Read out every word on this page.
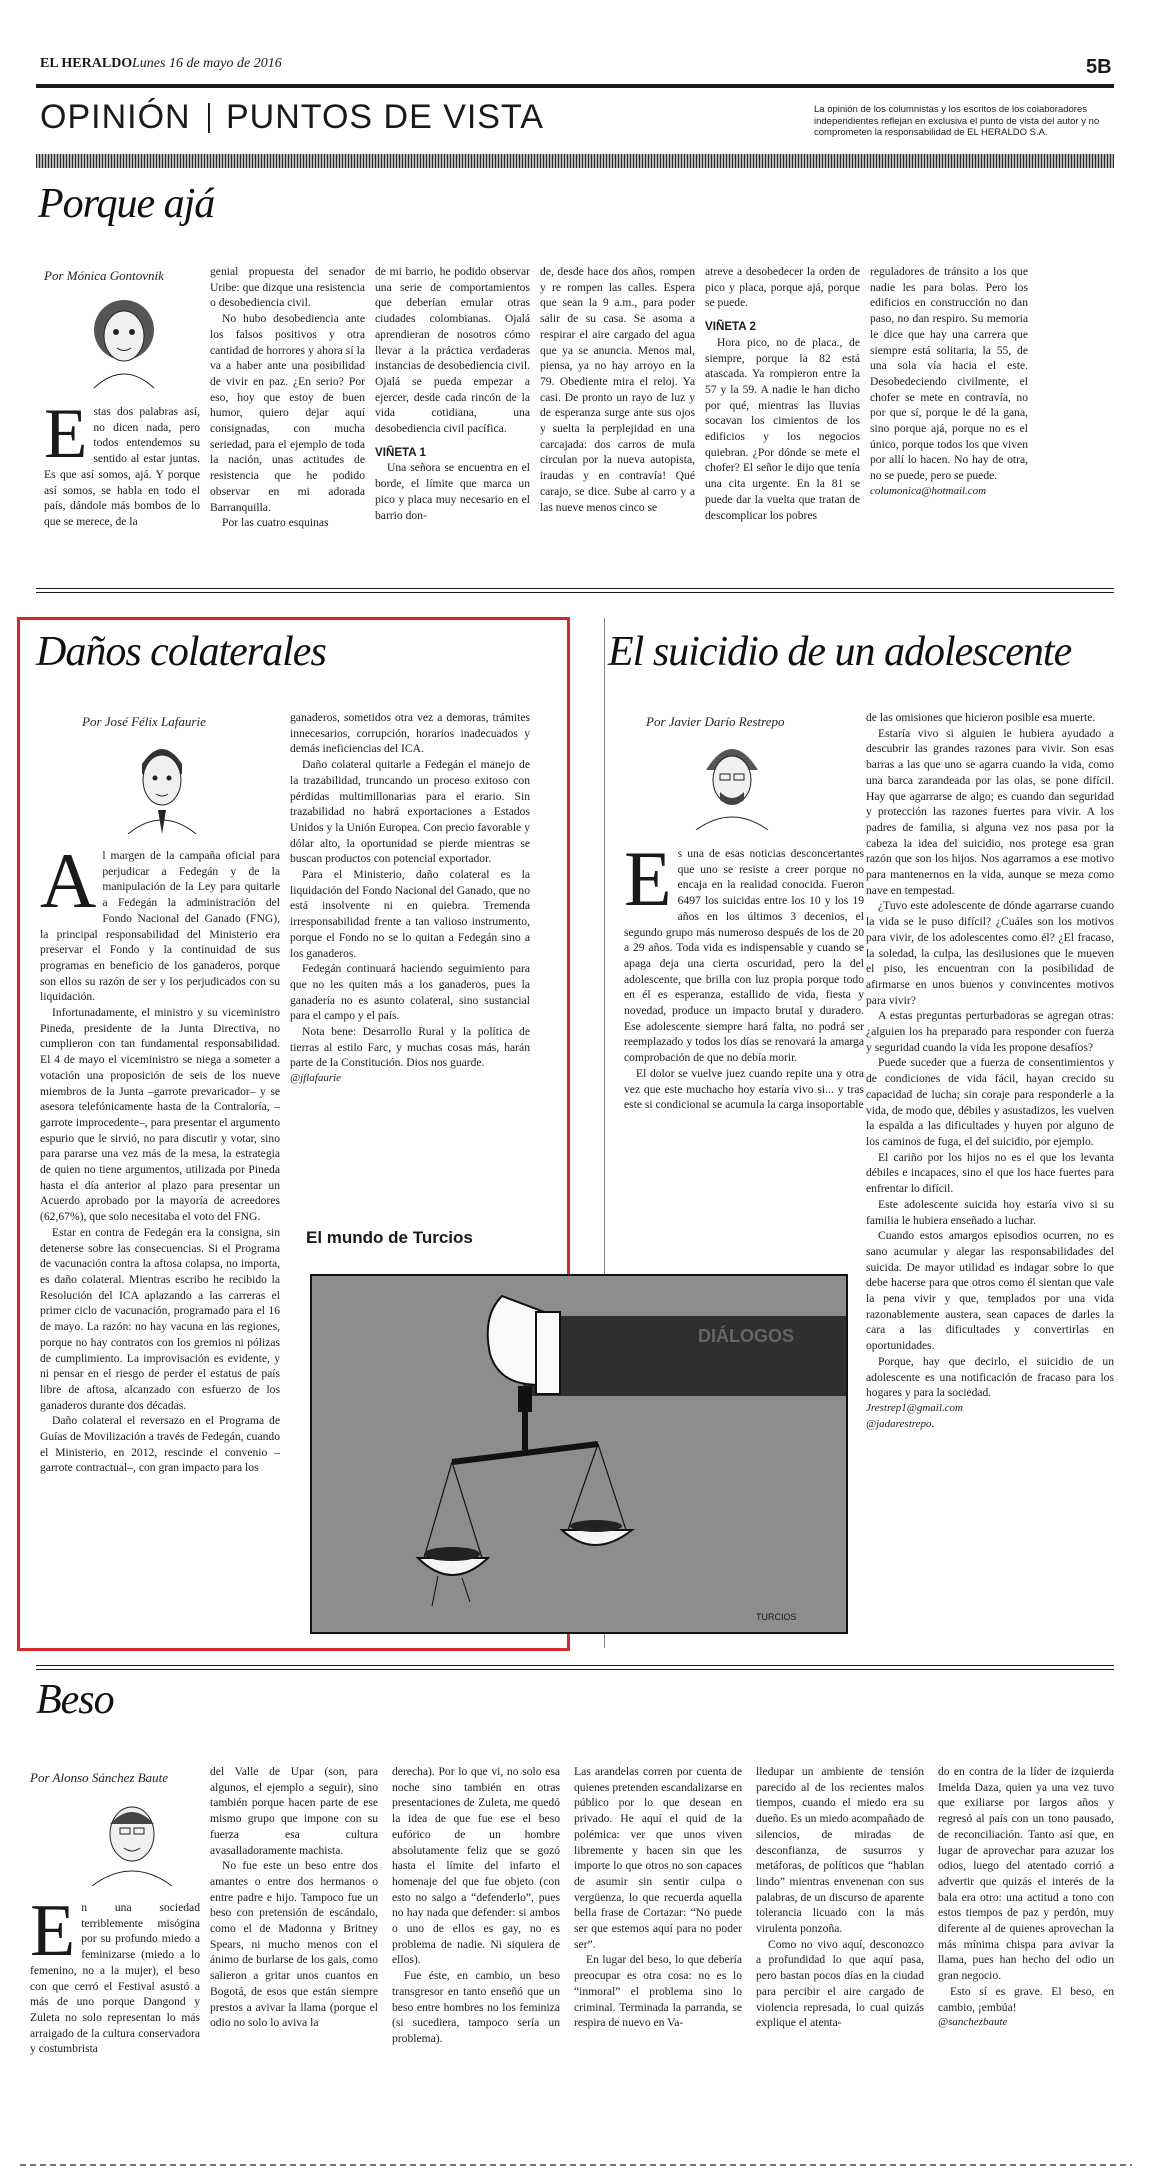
EL HERALDO Lunes 16 de mayo de 2016	5B
OPINIÓN PUNTOS DE VISTA	La opinión de los columnistas y los escritos de los colaboradores independientes reflejan en exclusiva el punto de vista del autor y no comprometen la responsabilidad de EL HERALDO S.A.
Porque ajá
Por Mónica Gontovnik

Estas dos palabras así, no dicen nada, pero todos entendemos su sentido al estar juntas. Es que así somos, ajá. Y porque así somos, se habla en todo el país, dándole más bombos de lo que se merece, de la

genial propuesta del senador Uribe: que dizque una resistencia o desobediencia civil.

No hubo desobediencia ante los falsos positivos y otra cantidad de horrores y ahora sí la va a haber ante una posibilidad de vivir en paz. ¿En serio? Por eso, hoy que estoy de buen humor, quiero dejar aquí consignadas, con mucha seriedad, para el ejemplo de toda la nación, unas actitudes de resistencia que he podido observar en mi adorada Barranquilla.

Por las cuatro esquinas

de mi barrio, he podido observar una serie de comportamientos que deberían emular otras ciudades colombianas. Ojalá aprendieran de nosotros cómo llevar a la práctica verdaderas instancias de desobediencia civil. Ojalá se pueda empezar a ejercer, desde cada rincón de la vida cotidiana, una desobediencia civil pacífica.

VIÑETA 1

Una señora se encuentra en el borde, el límite que marca un pico y placa muy necesario en el barrio don-

de, desde hace dos años, rompen y re rompen las calles. Espera que sean la 9 a.m., para poder salir de su casa. Se asoma a respirar el aire cargado del agua que ya se anuncia. Menos mal, piensa, ya no hay arroyo en la 79. Obediente mira el reloj. Ya casi. De pronto un rayo de luz y de esperanza surge ante sus ojos y suelta la perplejidad en una carcajada: dos carros de mula circulan por la nueva autopista, iraudas y en contravía! Qué carajo, se dice. Sube al carro y a las nueve menos cinco se

atreve a desobedecer la orden de pico y placa, porque ajá, porque se puede.

VIÑETA 2

Hora pico, no de placa., de siempre, porque la 82 está atascada. Ya rompieron entre la 57 y la 59. A nadie le han dicho por qué, mientras las lluvias socavan los cimientos de los edificios y los negocios quiebran. ¿Por dónde se mete el chofer? El señor le dijo que tenía una cita urgente. En la 81 se puede dar la vuelta que tratan de descomplicar los pobres

reguladores de tránsito a los que nadie les para bolas. Pero los edificios en construcción no dan paso, no dan respiro. Su memoria le dice que hay una carrera que siempre está solitaria, la 55, de una sola vía hacia el este. Desobedeciendo civilmente, el chofer se mete en contravía, no por que sí, porque le dé la gana, sino porque ajá, porque no es el único, porque todos los que viven por allí lo hacen. No hay de otra, no se puede, pero se puede.

columonica@hotmail.com

Daños colaterales
Por José Félix Lafaurie

Al margen de la campaña oficial para perjudicar a Fedegán y de la manipulación de la Ley para quitarle a Fedegán la administración del Fondo Nacional del Ganado (FNG), la principal responsabilidad del Ministerio era preservar el Fondo y la continuidad de sus programas en beneficio de los ganaderos, porque son ellos su razón de ser y los perjudicados con su liquidación.

Infortunadamente, el ministro y su viceministro Pineda, presidente de la Junta Directiva, no cumplieron con tan fundamental responsabilidad. El 4 de mayo el viceministro se niega a someter a votación una proposición de seis de los nueve miembros de la Junta –garrote prevaricador– y se asesora telefónicamente hasta de la Contraloría, –garrote improcedente–, para presentar el argumento espurio que le sirvió, no para discutir y votar, sino para pararse una vez más de la mesa, la estrategia de quien no tiene argumentos, utilizada por Pineda hasta el día anterior al plazo para presentar un Acuerdo aprobado por la mayoría de acreedores (62,67%), que solo necesitaba el voto del FNG.

Estar en contra de Fedegán era la consigna, sin detenerse sobre las consecuencias. Si el Programa de vacunación contra la aftosa colapsa, no importa, es daño colateral. Mientras escribo he recibido la Resolución del ICA aplazando a las carreras el primer ciclo de vacunación, programado para el 16 de mayo. La razón: no hay vacuna en las regiones, porque no hay contratos con los gremios ni pólizas de cumplimiento. La improvisación es evidente, y ni pensar en el riesgo de perder el estatus de país libre de aftosa, alcanzado con esfuerzo de los ganaderos durante dos décadas.

Daño colateral el reversazo en el Programa de Guías de Movilización a través de Fedegán, cuando el Ministerio, en 2012, rescinde el convenio –garrote contractual–, con gran impacto para los

ganaderos, sometidos otra vez a demoras, trámites innecesarios, corrupción, horarios inadecuados y demás ineficiencias del ICA.

Daño colateral quitarle a Fedegán el manejo de la trazabilidad, truncando un proceso exitoso con pérdidas multimillonarias para el erario. Sin trazabilidad no habrá exportaciones a Estados Unidos y la Unión Europea. Con precio favorable y dólar alto, la oportunidad se pierde mientras se buscan productos con potencial exportador.

Para el Ministerio, daño colateral es la liquidación del Fondo Nacional del Ganado, que no está insolvente ni en quiebra. Tremenda irresponsabilidad frente a tan valioso instrumento, porque el Fondo no se lo quitan a Fedegán sino a los ganaderos.

Fedegán continuará haciendo seguimiento para que no les quiten más a los ganaderos, pues la ganadería no es asunto colateral, sino sustancial para el campo y el país.

Nota bene: Desarrollo Rural y la política de tierras al estilo Farc, y muchas cosas más, harán parte de la Constitución. Dios nos guarde.

@jflafaurie

El suicidio de un adolescente
Por Javier Darío Restrepo

Es una de esas noticias desconcertantes que uno se resiste a creer porque no encaja en la realidad conocida. Fueron 6497 los suicidas entre los 10 y los 19 años en los últimos 3 decenios, el segundo grupo más numeroso después de los de 20 a 29 años. Toda vida es indispensable y cuando se apaga deja una cierta oscuridad, pero la del adolescente, que brilla con luz propia porque todo en él es esperanza, estallido de vida, fiesta y novedad, produce un impacto brutal y duradero. Ese adolescente siempre hará falta, no podrá ser reemplazado y todos los días se renovará la amarga comprobación de que no debía morir.

El dolor se vuelve juez cuando repite una y otra vez que este muchacho hoy estaría vivo si... y tras este si condicional se acumula la carga insoportable

de las omisiones que hicieron posible esa muerte.

Estaría vivo si alguien le hubiera ayudado a descubrir las grandes razones para vivir. Son esas barras a las que uno se agarra cuando la vida, como una barca zarandeada por las olas, se pone difícil. Hay que agarrarse de algo; es cuando dan seguridad y protección las razones fuertes para vivir. A los padres de familia, si alguna vez nos pasa por la cabeza la idea del suicidio, nos protege esa gran razón que son los hijos. Nos agarramos a ese motivo para mantenernos en la vida, aunque se meza como nave en tempestad.

¿Tuvo este adolescente de dónde agarrarse cuando la vida se le puso difícil? ¿Cuáles son los motivos para vivir, de los adolescentes como él? ¿El fracaso, la soledad, la culpa, las desilusiones que le mueven el piso, les encuentran con la posibilidad de afirmarse en unos buenos y convincentes motivos para vivir?

A estas preguntas perturbadoras se agregan otras: ¿alguien los ha preparado para responder con fuerza y seguridad cuando la vida les propone desafíos?

Puede suceder que a fuerza de consentimientos y de condiciones de vida fácil, hayan crecido su capacidad de lucha; sin coraje para responderle a la vida, de modo que, débiles y asustadizos, les vuelven la espalda a las dificultades y huyen por alguno de los caminos de fuga, el del suicidio, por ejemplo.

El cariño por los hijos no es el que los levanta débiles e incapaces, sino el que los hace fuertes para enfrentar lo difícil.

Este adolescente suicida hoy estaría vivo si su familia le hubiera enseñado a luchar.

Cuando estos amargos episodios ocurren, no es sano acumular y alegar las responsabilidades del suicida. De mayor utilidad es indagar sobre lo que debe hacerse para que otros como él sientan que vale la pena vivir y que, templados por una vida razonablemente austera, sean capaces de darles la cara a las dificultades y convertirlas en oportunidades.

Porque, hay que decirlo, el suicidio de un adolescente es una notificación de fracaso para los hogares y para la sociedad.

Jrestrep1@gmail.com

@jadarestrepo.

El mundo de Turcios
DIÁLOGOS
TURCIOS
Beso
Por Alonso Sánchez Baute

En una sociedad terriblemente misógina por su profundo miedo a feminizarse (miedo a lo femenino, no a la mujer), el beso con que cerró el Festival asustó a más de uno porque Dangond y Zuleta no solo representan lo más arraigado de la cultura conservadora y costumbrista

del Valle de Upar (son, para algunos, el ejemplo a seguir), sino también porque hacen parte de ese mismo grupo que impone con su fuerza esa cultura avasalladoramente machista.

No fue este un beso entre dos amantes o entre dos hermanos o entre padre e hijo. Tampoco fue un beso con pretensión de escándalo, como el de Madonna y Britney Spears, ni mucho menos con el ánimo de burlarse de los gais, como salieron a gritar unos cuantos en Bogotá, de esos que están siempre prestos a avivar la llama (porque el odio no solo lo aviva la

derecha). Por lo que vi, no solo esa noche sino también en otras presentaciones de Zuleta, me quedó la idea de que fue ese el beso eufórico de un hombre absolutamente feliz que se gozó hasta el límite del infarto el homenaje del que fue objeto (con esto no salgo a “defenderlo”, pues no hay nada que defender: si ambos o uno de ellos es gay, no es problema de nadie. Ni siquiera de ellos).

Fue éste, en cambio, un beso transgresor en tanto enseñó que un beso entre hombres no los feminiza (si sucediera, tampoco sería un problema).

Las arandelas corren por cuenta de quienes pretenden escandalizarse en público por lo que desean en privado. He aquí el quid de la polémica: ver que unos viven libremente y hacen sin que les importe lo que otros no son capaces de asumir sin sentir culpa o vergüenza, lo que recuerda aquella bella frase de Cortazar: “No puede ser que estemos aquí para no poder ser”.

En lugar del beso, lo que debería preocupar es otra cosa: no es lo “inmoral” el problema sino lo criminal. Terminada la parranda, se respira de nuevo en Va-

lledupar un ambiente de tensión parecido al de los recientes malos tiempos, cuando el miedo era su dueño. Es un miedo acompañado de silencios, de miradas de desconfianza, de susurros y metáforas, de políticos que “hablan lindo” mientras envenenan con sus palabras, de un discurso de aparente tolerancia licuado con la más virulenta ponzoña.

Como no vivo aquí, desconozco a profundidad lo que aquí pasa, pero bastan pocos días en la ciudad para percibir el aire cargado de violencia represada, lo cual quizás explique el atenta-

do en contra de la líder de izquierda Imelda Daza, quien ya una vez tuvo que exiliarse por largos años y regresó al país con un tono pausado, de reconciliación. Tanto así que, en lugar de aprovechar para azuzar los odios, luego del atentado corrió a advertir que quizás el interés de la bala era otro: una actitud a tono con estos tiempos de paz y perdón, muy diferente al de quienes aprovechan la más mínima chispa para avivar la llama, pues han hecho del odio un gran negocio.

Esto sí es grave. El beso, en cambio, ¡embúa!

@sanchezbaute
